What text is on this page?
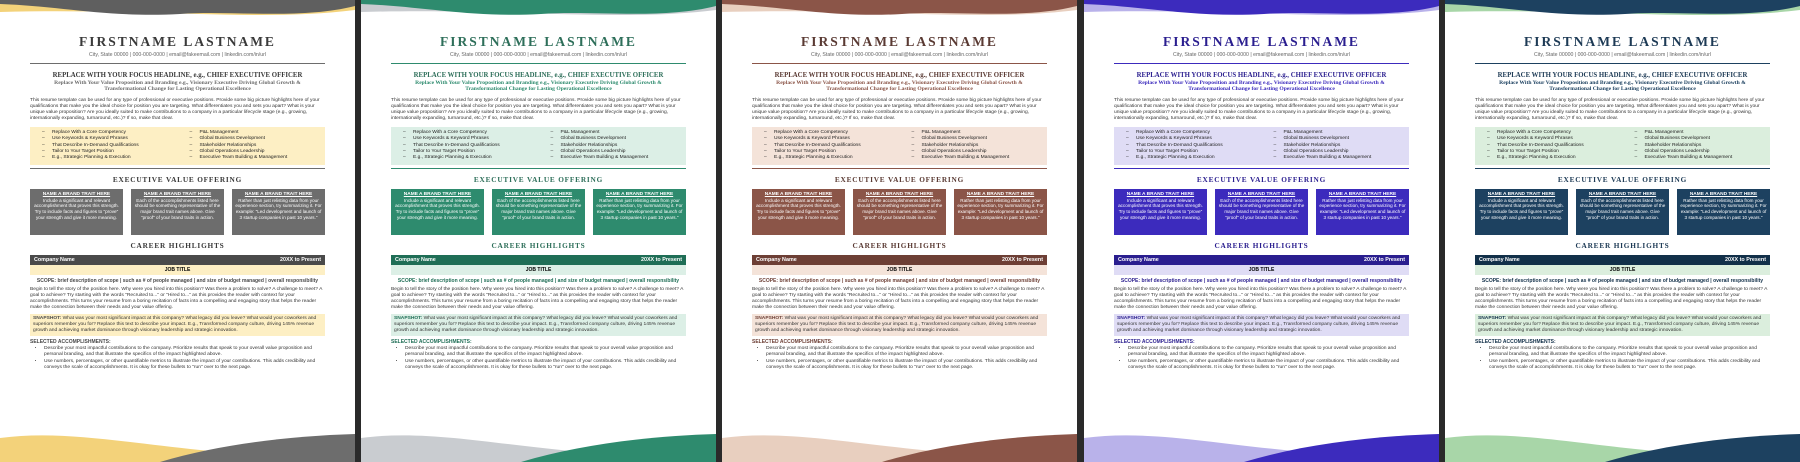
FIRSTNAME LASTNAME
City, State 00000 | 000-000-0000 | email@fakeemail.com | linkedin.com/in/url
REPLACE WITH YOUR FOCUS HEADLINE, e.g., CHIEF EXECUTIVE OFFICER
Replace With Your Value Proposition and Branding e.g., Visionary Executive Driving Global Growth &
Transformational Change for Lasting Operational Excellence
This resume template can be used for any type of professional or executive positions. Provide some big picture highlights here of your qualifications that make you the ideal choice for position you are targeting. What differentiates you and sets you apart? What is your unique value proposition? Are you ideally suited to make contributions to a company in a particular lifecycle stage (e.g., growing, internationally expanding, turnaround, etc.)? If so, make that clear.
– Replace With a Core Competency
– Use Keywords & Keyword Phrases
– That Describe In-Demand Qualifications
– Tailor to Your Target Position
– E.g., Strategic Planning & Execution
– P&L Management
– Global Business Development
– Stakeholder Relationships
– Global Operations Leadership
– Executive Team Building & Management
EXECUTIVE VALUE OFFERING
NAME A BRAND TRAIT HERE
Include a significant and relevant accomplishment that proves this strength. Try to include facts and figures to "prove" your strength and give it more meaning.
NAME A BRAND TRAIT HERE
Each of the accomplishments listed here should be something representative of the major brand trait names above. Give "proof" of your brand traits in action.
NAME A BRAND TRAIT HERE
Rather than just relisting data from your experience section, try summarizing it. For example: "Led development and launch of 3 startup companies in past 10 years."
CAREER HIGHLIGHTS
Company Name	20XX to Present
JOB TITLE
SCOPE: brief description of scope | such as # of people managed | and size of budget managed | overall responsibility
Begin to tell the story of the position here. Why were you hired into this position? Was there a problem to solve? A challenge to meet? A goal to achieve? Try starting with the words "Recruited to..." or "Hired to..." as this provides the reader with context for your accomplishments. This turns your resume from a boring recitation of facts into a compelling and engaging story that helps the reader make the connection between their needs and your value offering.
SNAPSHOT: What was your most significant impact at this company? What legacy did you leave? What would your coworkers and superiors remember you for? Replace this text to describe your impact. E.g., Transformed company culture, driving 145% revenue growth and achieving market dominance through visionary leadership and strategic innovation.
SELECTED ACCOMPLISHMENTS:
• Describe your most impactful contributions to the company. Prioritize results that speak to your overall value proposition and personal branding, and that illustrate the specifics of the impact highlighted above.
• Use numbers, percentages, or other quantifiable metrics to illustrate the impact of your contributions. This adds credibility and conveys the scale of accomplishments. It is okay for these bullets to "run" over to the next page.
FIRSTNAME LASTNAME
City, State 00000 | 000-000-0000 | email@fakeemail.com | linkedin.com/in/url
REPLACE WITH YOUR FOCUS HEADLINE, e.g., CHIEF EXECUTIVE OFFICER
Replace With Your Value Proposition and Branding e.g., Visionary Executive Driving Global Growth &
Transformational Change for Lasting Operational Excellence
This resume template can be used for any type of professional or executive positions. Provide some big picture highlights here of your qualifications that make you the ideal choice for position you are targeting. What differentiates you and sets you apart? What is your unique value proposition? Are you ideally suited to make contributions to a company in a particular lifecycle stage (e.g., growing, internationally expanding, turnaround, etc.)? If so, make that clear.
– Replace With a Core Competency
– Use Keywords & Keyword Phrases
– That Describe In-Demand Qualifications
– Tailor to Your Target Position
– E.g., Strategic Planning & Execution
– P&L Management
– Global Business Development
– Stakeholder Relationships
– Global Operations Leadership
– Executive Team Building & Management
EXECUTIVE VALUE OFFERING
NAME A BRAND TRAIT HERE
Include a significant and relevant accomplishment that proves this strength. Try to include facts and figures to "prove" your strength and give it more meaning.
NAME A BRAND TRAIT HERE
Each of the accomplishments listed here should be something representative of the major brand trait names above. Give "proof" of your brand traits in action.
NAME A BRAND TRAIT HERE
Rather than just relisting data from your experience section, try summarizing it. For example: "Led development and launch of 3 startup companies in past 10 years."
CAREER HIGHLIGHTS
Company Name	20XX to Present
JOB TITLE
SCOPE: brief description of scope | such as # of people managed | and size of budget managed | overall responsibility
Begin to tell the story of the position here. Why were you hired into this position? Was there a problem to solve? A challenge to meet? A goal to achieve? Try starting with the words "Recruited to..." or "Hired to..." as this provides the reader with context for your accomplishments. This turns your resume from a boring recitation of facts into a compelling and engaging story that helps the reader make the connection between their needs and your value offering.
SNAPSHOT: What was your most significant impact at this company? What legacy did you leave? What would your coworkers and superiors remember you for? Replace this text to describe your impact. E.g., Transformed company culture, driving 145% revenue growth and achieving market dominance through visionary leadership and strategic innovation.
SELECTED ACCOMPLISHMENTS:
• Describe your most impactful contributions to the company. Prioritize results that speak to your overall value proposition and personal branding, and that illustrate the specifics of the impact highlighted above.
• Use numbers, percentages, or other quantifiable metrics to illustrate the impact of your contributions. This adds credibility and conveys the scale of accomplishments. It is okay for these bullets to "run" over to the next page.
FIRSTNAME LASTNAME
City, State 00000 | 000-000-0000 | email@fakeemail.com | linkedin.com/in/url
REPLACE WITH YOUR FOCUS HEADLINE, e.g., CHIEF EXECUTIVE OFFICER
Replace With Your Value Proposition and Branding e.g., Visionary Executive Driving Global Growth &
Transformational Change for Lasting Operational Excellence
This resume template can be used for any type of professional or executive positions. Provide some big picture highlights here of your qualifications that make you the ideal choice for position you are targeting. What differentiates you and sets you apart? What is your unique value proposition? Are you ideally suited to make contributions to a company in a particular lifecycle stage (e.g., growing, internationally expanding, turnaround, etc.)? If so, make that clear.
– Replace With a Core Competency
– Use Keywords & Keyword Phrases
– That Describe In-Demand Qualifications
– Tailor to Your Target Position
– E.g., Strategic Planning & Execution
– P&L Management
– Global Business Development
– Stakeholder Relationships
– Global Operations Leadership
– Executive Team Building & Management
EXECUTIVE VALUE OFFERING
NAME A BRAND TRAIT HERE
Include a significant and relevant accomplishment that proves this strength. Try to include facts and figures to "prove" your strength and give it more meaning.
NAME A BRAND TRAIT HERE
Each of the accomplishments listed here should be something representative of the major brand trait names above. Give "proof" of your brand traits in action.
NAME A BRAND TRAIT HERE
Rather than just relisting data from your experience section, try summarizing it. For example: "Led development and launch of 3 startup companies in past 10 years."
CAREER HIGHLIGHTS
Company Name	20XX to Present
JOB TITLE
SCOPE: brief description of scope | such as # of people managed | and size of budget managed | overall responsibility
Begin to tell the story of the position here. Why were you hired into this position? Was there a problem to solve? A challenge to meet? A goal to achieve? Try starting with the words "Recruited to..." or "Hired to..." as this provides the reader with context for your accomplishments. This turns your resume from a boring recitation of facts into a compelling and engaging story that helps the reader make the connection between their needs and your value offering.
SNAPSHOT: What was your most significant impact at this company? What legacy did you leave? What would your coworkers and superiors remember you for? Replace this text to describe your impact. E.g., Transformed company culture, driving 145% revenue growth and achieving market dominance through visionary leadership and strategic innovation.
SELECTED ACCOMPLISHMENTS:
• Describe your most impactful contributions to the company. Prioritize results that speak to your overall value proposition and personal branding, and that illustrate the specifics of the impact highlighted above.
• Use numbers, percentages, or other quantifiable metrics to illustrate the impact of your contributions. This adds credibility and conveys the scale of accomplishments. It is okay for these bullets to "run" over to the next page.
FIRSTNAME LASTNAME
City, State 00000 | 000-000-0000 | email@fakeemail.com | linkedin.com/in/url
REPLACE WITH YOUR FOCUS HEADLINE, e.g., CHIEF EXECUTIVE OFFICER
Replace With Your Value Proposition and Branding e.g., Visionary Executive Driving Global Growth &
Transformational Change for Lasting Operational Excellence
This resume template can be used for any type of professional or executive positions. Provide some big picture highlights here of your qualifications that make you the ideal choice for position you are targeting. What differentiates you and sets you apart? What is your unique value proposition? Are you ideally suited to make contributions to a company in a particular lifecycle stage (e.g., growing, internationally expanding, turnaround, etc.)? If so, make that clear.
– Replace With a Core Competency
– Use Keywords & Keyword Phrases
– That Describe In-Demand Qualifications
– Tailor to Your Target Position
– E.g., Strategic Planning & Execution
– P&L Management
– Global Business Development
– Stakeholder Relationships
– Global Operations Leadership
– Executive Team Building & Management
EXECUTIVE VALUE OFFERING
NAME A BRAND TRAIT HERE
Include a significant and relevant accomplishment that proves this strength. Try to include facts and figures to "prove" your strength and give it more meaning.
NAME A BRAND TRAIT HERE
Each of the accomplishments listed here should be something representative of the major brand trait names above. Give "proof" of your brand traits in action.
NAME A BRAND TRAIT HERE
Rather than just relisting data from your experience section, try summarizing it. For example: "Led development and launch of 3 startup companies in past 10 years."
CAREER HIGHLIGHTS
Company Name	20XX to Present
JOB TITLE
SCOPE: brief description of scope | such as # of people managed | and size of budget managed | overall responsibility
Begin to tell the story of the position here. Why were you hired into this position? Was there a problem to solve? A challenge to meet? A goal to achieve? Try starting with the words "Recruited to..." or "Hired to..." as this provides the reader with context for your accomplishments. This turns your resume from a boring recitation of facts into a compelling and engaging story that helps the reader make the connection between their needs and your value offering.
SNAPSHOT: What was your most significant impact at this company? What legacy did you leave? What would your coworkers and superiors remember you for? Replace this text to describe your impact. E.g., Transformed company culture, driving 145% revenue growth and achieving market dominance through visionary leadership and strategic innovation.
SELECTED ACCOMPLISHMENTS:
• Describe your most impactful contributions to the company. Prioritize results that speak to your overall value proposition and personal branding, and that illustrate the specifics of the impact highlighted above.
• Use numbers, percentages, or other quantifiable metrics to illustrate the impact of your contributions. This adds credibility and conveys the scale of accomplishments. It is okay for these bullets to "run" over to the next page.
FIRSTNAME LASTNAME
City, State 00000 | 000-000-0000 | email@fakeemail.com | linkedin.com/in/url
REPLACE WITH YOUR FOCUS HEADLINE, e.g., CHIEF EXECUTIVE OFFICER
Replace With Your Value Proposition and Branding e.g., Visionary Executive Driving Global Growth &
Transformational Change for Lasting Operational Excellence
This resume template can be used for any type of professional or executive positions. Provide some big picture highlights here of your qualifications that make you the ideal choice for position you are targeting. What differentiates you and sets you apart? What is your unique value proposition? Are you ideally suited to make contributions to a company in a particular lifecycle stage (e.g., growing, internationally expanding, turnaround, etc.)? If so, make that clear.
– Replace With a Core Competency
– Use Keywords & Keyword Phrases
– That Describe In-Demand Qualifications
– Tailor to Your Target Position
– E.g., Strategic Planning & Execution
– P&L Management
– Global Business Development
– Stakeholder Relationships
– Global Operations Leadership
– Executive Team Building & Management
EXECUTIVE VALUE OFFERING
NAME A BRAND TRAIT HERE
Include a significant and relevant accomplishment that proves this strength. Try to include facts and figures to "prove" your strength and give it more meaning.
NAME A BRAND TRAIT HERE
Each of the accomplishments listed here should be something representative of the major brand trait names above. Give "proof" of your brand traits in action.
NAME A BRAND TRAIT HERE
Rather than just relisting data from your experience section, try summarizing it. For example: "Led development and launch of 3 startup companies in past 10 years."
CAREER HIGHLIGHTS
Company Name	20XX to Present
JOB TITLE
SCOPE: brief description of scope | such as # of people managed | and size of budget managed | overall responsibility
Begin to tell the story of the position here. Why were you hired into this position? Was there a problem to solve? A challenge to meet? A goal to achieve? Try starting with the words "Recruited to..." or "Hired to..." as this provides the reader with context for your accomplishments. This turns your resume from a boring recitation of facts into a compelling and engaging story that helps the reader make the connection between their needs and your value offering.
SNAPSHOT: What was your most significant impact at this company? What legacy did you leave? What would your coworkers and superiors remember you for? Replace this text to describe your impact. E.g., Transformed company culture, driving 145% revenue growth and achieving market dominance through visionary leadership and strategic innovation.
SELECTED ACCOMPLISHMENTS:
• Describe your most impactful contributions to the company. Prioritize results that speak to your overall value proposition and personal branding, and that illustrate the specifics of the impact highlighted above.
• Use numbers, percentages, or other quantifiable metrics to illustrate the impact of your contributions. This adds credibility and conveys the scale of accomplishments. It is okay for these bullets to "run" over to the next page.
